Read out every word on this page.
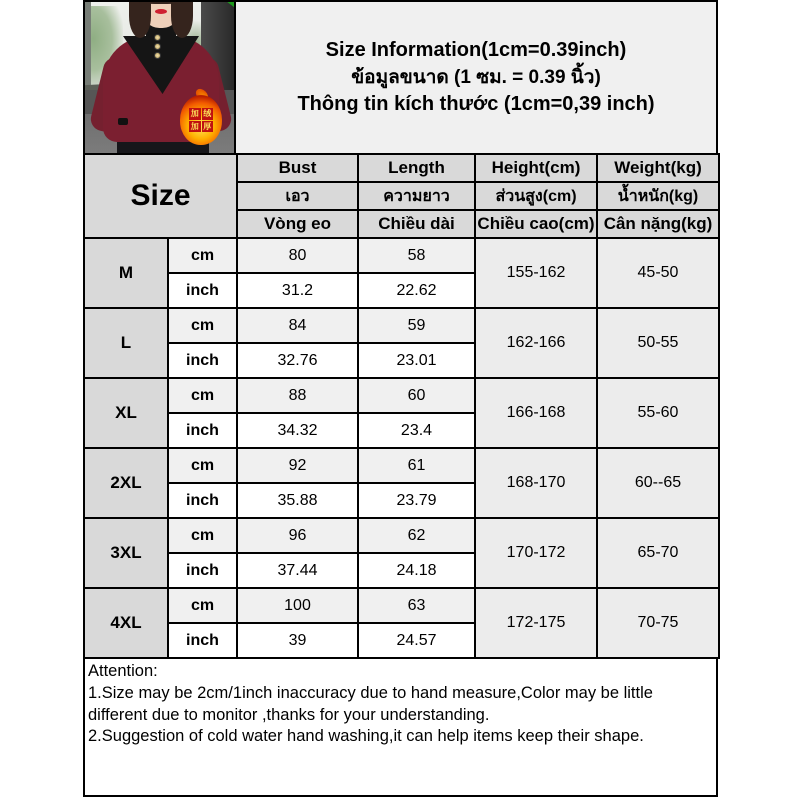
加 绒
加 厚
Size Information(1cm=0.39inch)
ข้อมูลขนาด (1 ซม. = 0.39 นิ้ว)
Thông tin kích thước (1cm=0,39 inch)
Size		Bust	Length	Height(cm)	Weight(kg)
		เอว	ความยาว	ส่วนสูง(cm)	น้ำหนัก(kg)
		Vòng eo	Chiều dài	Chiều cao(cm)	Cân nặng(kg)
M	cm	80	58	155-162	45-50
	inch	31.2	22.62		
L	cm	84	59	162-166	50-55
	inch	32.76	23.01		
XL	cm	88	60	166-168	55-60
	inch	34.32	23.4		
2XL	cm	92	61	168-170	60--65
	inch	35.88	23.79		
3XL	cm	96	62	170-172	65-70
	inch	37.44	24.18		
4XL	cm	100	63	172-175	70-75
	inch	39	24.57		
Attention:
1.Size may be 2cm/1inch inaccuracy due to hand measure,Color may be little different due to monitor ,thanks for your understanding.
2.Suggestion of cold water hand washing,it can help items keep their shape.
